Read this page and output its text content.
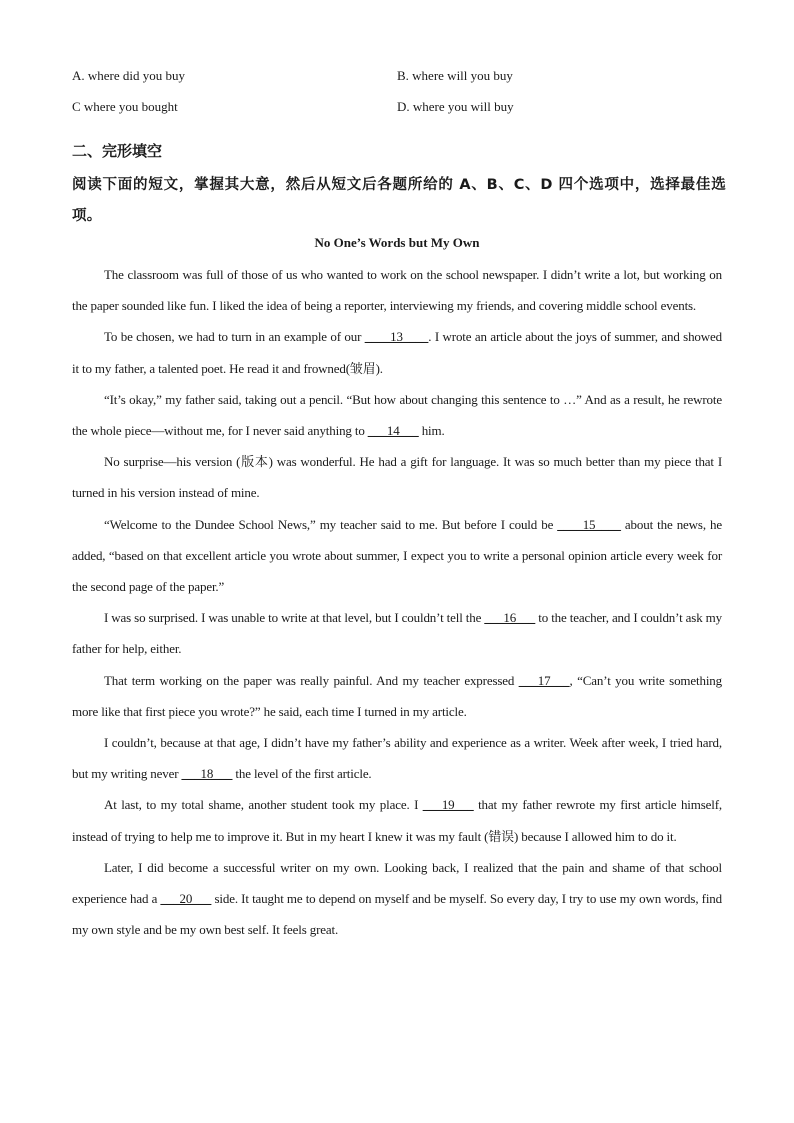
A. where did you buy	B. where will you buy
C where you bought	D. where you will buy
二、完形填空
阅读下面的短文，掌握其大意，然后从短文后各题所给的 A、B、C、D 四个选项中，选择最佳选项。
No One’s Words but My Own

The classroom was full of those of us who wanted to work on the school newspaper. I didn’t write a lot, but working on the paper sounded like fun. I liked the idea of being a reporter, interviewing my friends, and covering middle school events.

To be chosen, we had to turn in an example of our ____13____. I wrote an article about the joys of summer, and showed it to my father, a talented poet. He read it and frowned(皱眉).

“It’s okay,” my father said, taking out a pencil. “But how about changing this sentence to …” And as a result, he rewrote the whole piece—without me, for I never said anything to ___14___ him.

No surprise—his version (版本) was wonderful. He had a gift for language. It was so much better than my piece that I turned in his version instead of mine.

“Welcome to the Dundee School News,” my teacher said to me. But before I could be ____15____ about the news, he added, “based on that excellent article you wrote about summer, I expect you to write a personal opinion article every week for the second page of the paper.”

I was so surprised. I was unable to write at that level, but I couldn’t tell the ___16___ to the teacher, and I couldn’t ask my father for help, either.

That term working on the paper was really painful. And my teacher expressed ___17___, “Can’t you write something more like that first piece you wrote?” he said, each time I turned in my article.

I couldn’t, because at that age, I didn’t have my father’s ability and experience as a writer. Week after week, I tried hard, but my writing never ___18___ the level of the first article.

At last, to my total shame, another student took my place. I ___19___ that my father rewrote my first article himself, instead of trying to help me to improve it. But in my heart I knew it was my fault (错误) because I allowed him to do it.

Later, I did become a successful writer on my own. Looking back, I realized that the pain and shame of that school experience had a ___20___ side. It taught me to depend on myself and be myself. So every day, I try to use my own words, find my own style and be my own best self. It feels great.
